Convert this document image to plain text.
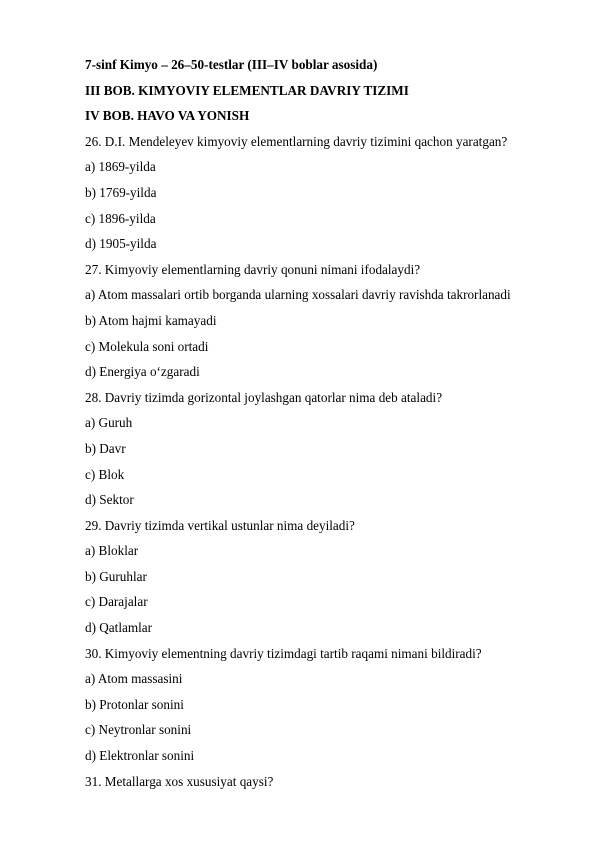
7-sinf Kimyo – 26–50-testlar (III–IV boblar asosida)

III BOB. KIMYOVIY ELEMENTLAR DAVRIY TIZIMI

IV BOB. HAVO VA YONISH

26. D.I. Mendeleyev kimyoviy elementlarning davriy tizimini qachon yaratgan?

a) 1869-yilda

b) 1769-yilda

c) 1896-yilda

d) 1905-yilda

27. Kimyoviy elementlarning davriy qonuni nimani ifodalaydi?

a) Atom massalari ortib borganda ularning xossalari davriy ravishda takrorlanadi

b) Atom hajmi kamayadi

c) Molekula soni ortadi

d) Energiya o‘zgaradi

28. Davriy tizimda gorizontal joylashgan qatorlar nima deb ataladi?

a) Guruh

b) Davr

c) Blok

d) Sektor

29. Davriy tizimda vertikal ustunlar nima deyiladi?

a) Bloklar

b) Guruhlar

c) Darajalar

d) Qatlamlar

30. Kimyoviy elementning davriy tizimdagi tartib raqami nimani bildiradi?

a) Atom massasini

b) Protonlar sonini

c) Neytronlar sonini

d) Elektronlar sonini

31. Metallarga xos xususiyat qaysi?
